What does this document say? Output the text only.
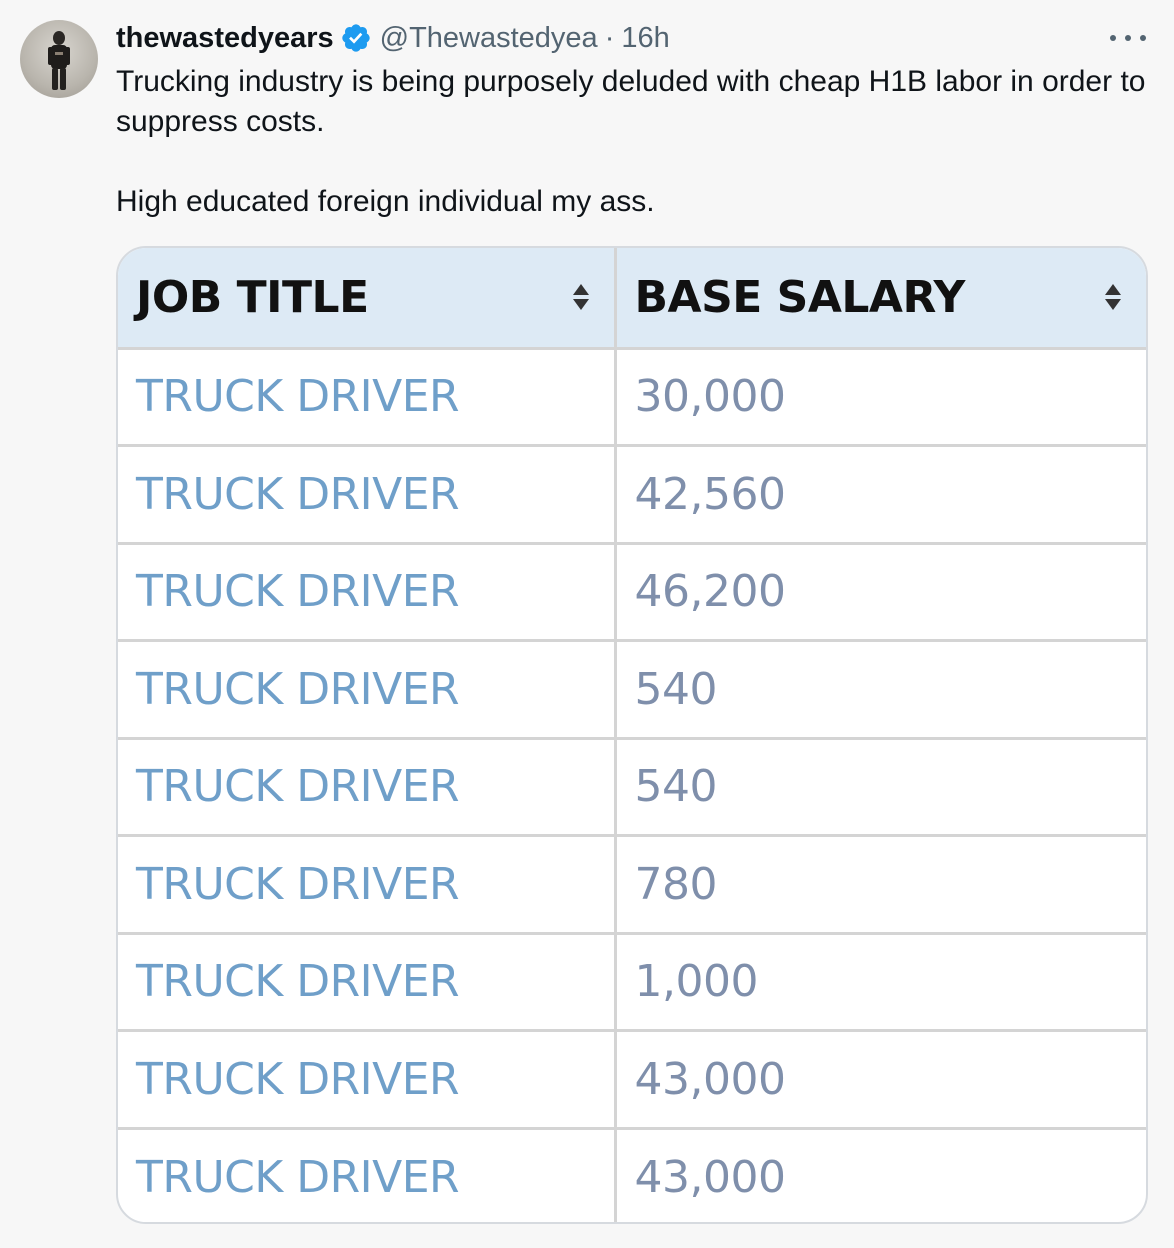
thewastedyears @Thewastedyea · 16h

Trucking industry is being purposely deluded with cheap H1B labor in order to suppress costs.

High educated foreign individual my ass.

JOB TITLE	BASE SALARY

TRUCK DRIVER	30,000
TRUCK DRIVER	42,560
TRUCK DRIVER	46,200
TRUCK DRIVER	540
TRUCK DRIVER	540
TRUCK DRIVER	780
TRUCK DRIVER	1,000
TRUCK DRIVER	43,000
TRUCK DRIVER	43,000
